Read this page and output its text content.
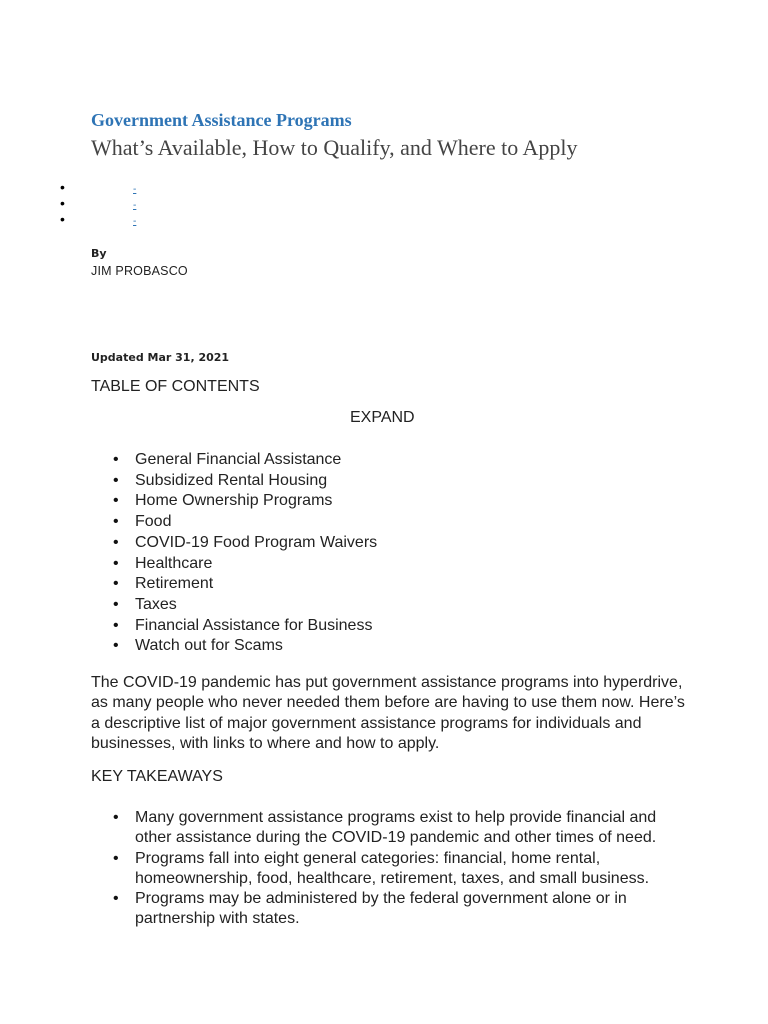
Government Assistance Programs
What’s Available, How to Qualify, and Where to Apply
•	-
•	-
•	-
By
JIM PROBASCO
Updated Mar 31, 2021
TABLE OF CONTENTS
EXPAND
• General Financial Assistance
• Subsidized Rental Housing
• Home Ownership Programs
• Food
• COVID-19 Food Program Waivers
• Healthcare
• Retirement
• Taxes
• Financial Assistance for Business
• Watch out for Scams

The COVID-19 pandemic has put government assistance programs into hyperdrive, as many people who never needed them before are having to use them now. Here’s a descriptive list of major government assistance programs for individuals and businesses, with links to where and how to apply.

KEY TAKEAWAYS
• Many government assistance programs exist to help provide financial and other assistance during the COVID-19 pandemic and other times of need.
• Programs fall into eight general categories: financial, home rental, homeownership, food, healthcare, retirement, taxes, and small business.
• Programs may be administered by the federal government alone or in partnership with states.
